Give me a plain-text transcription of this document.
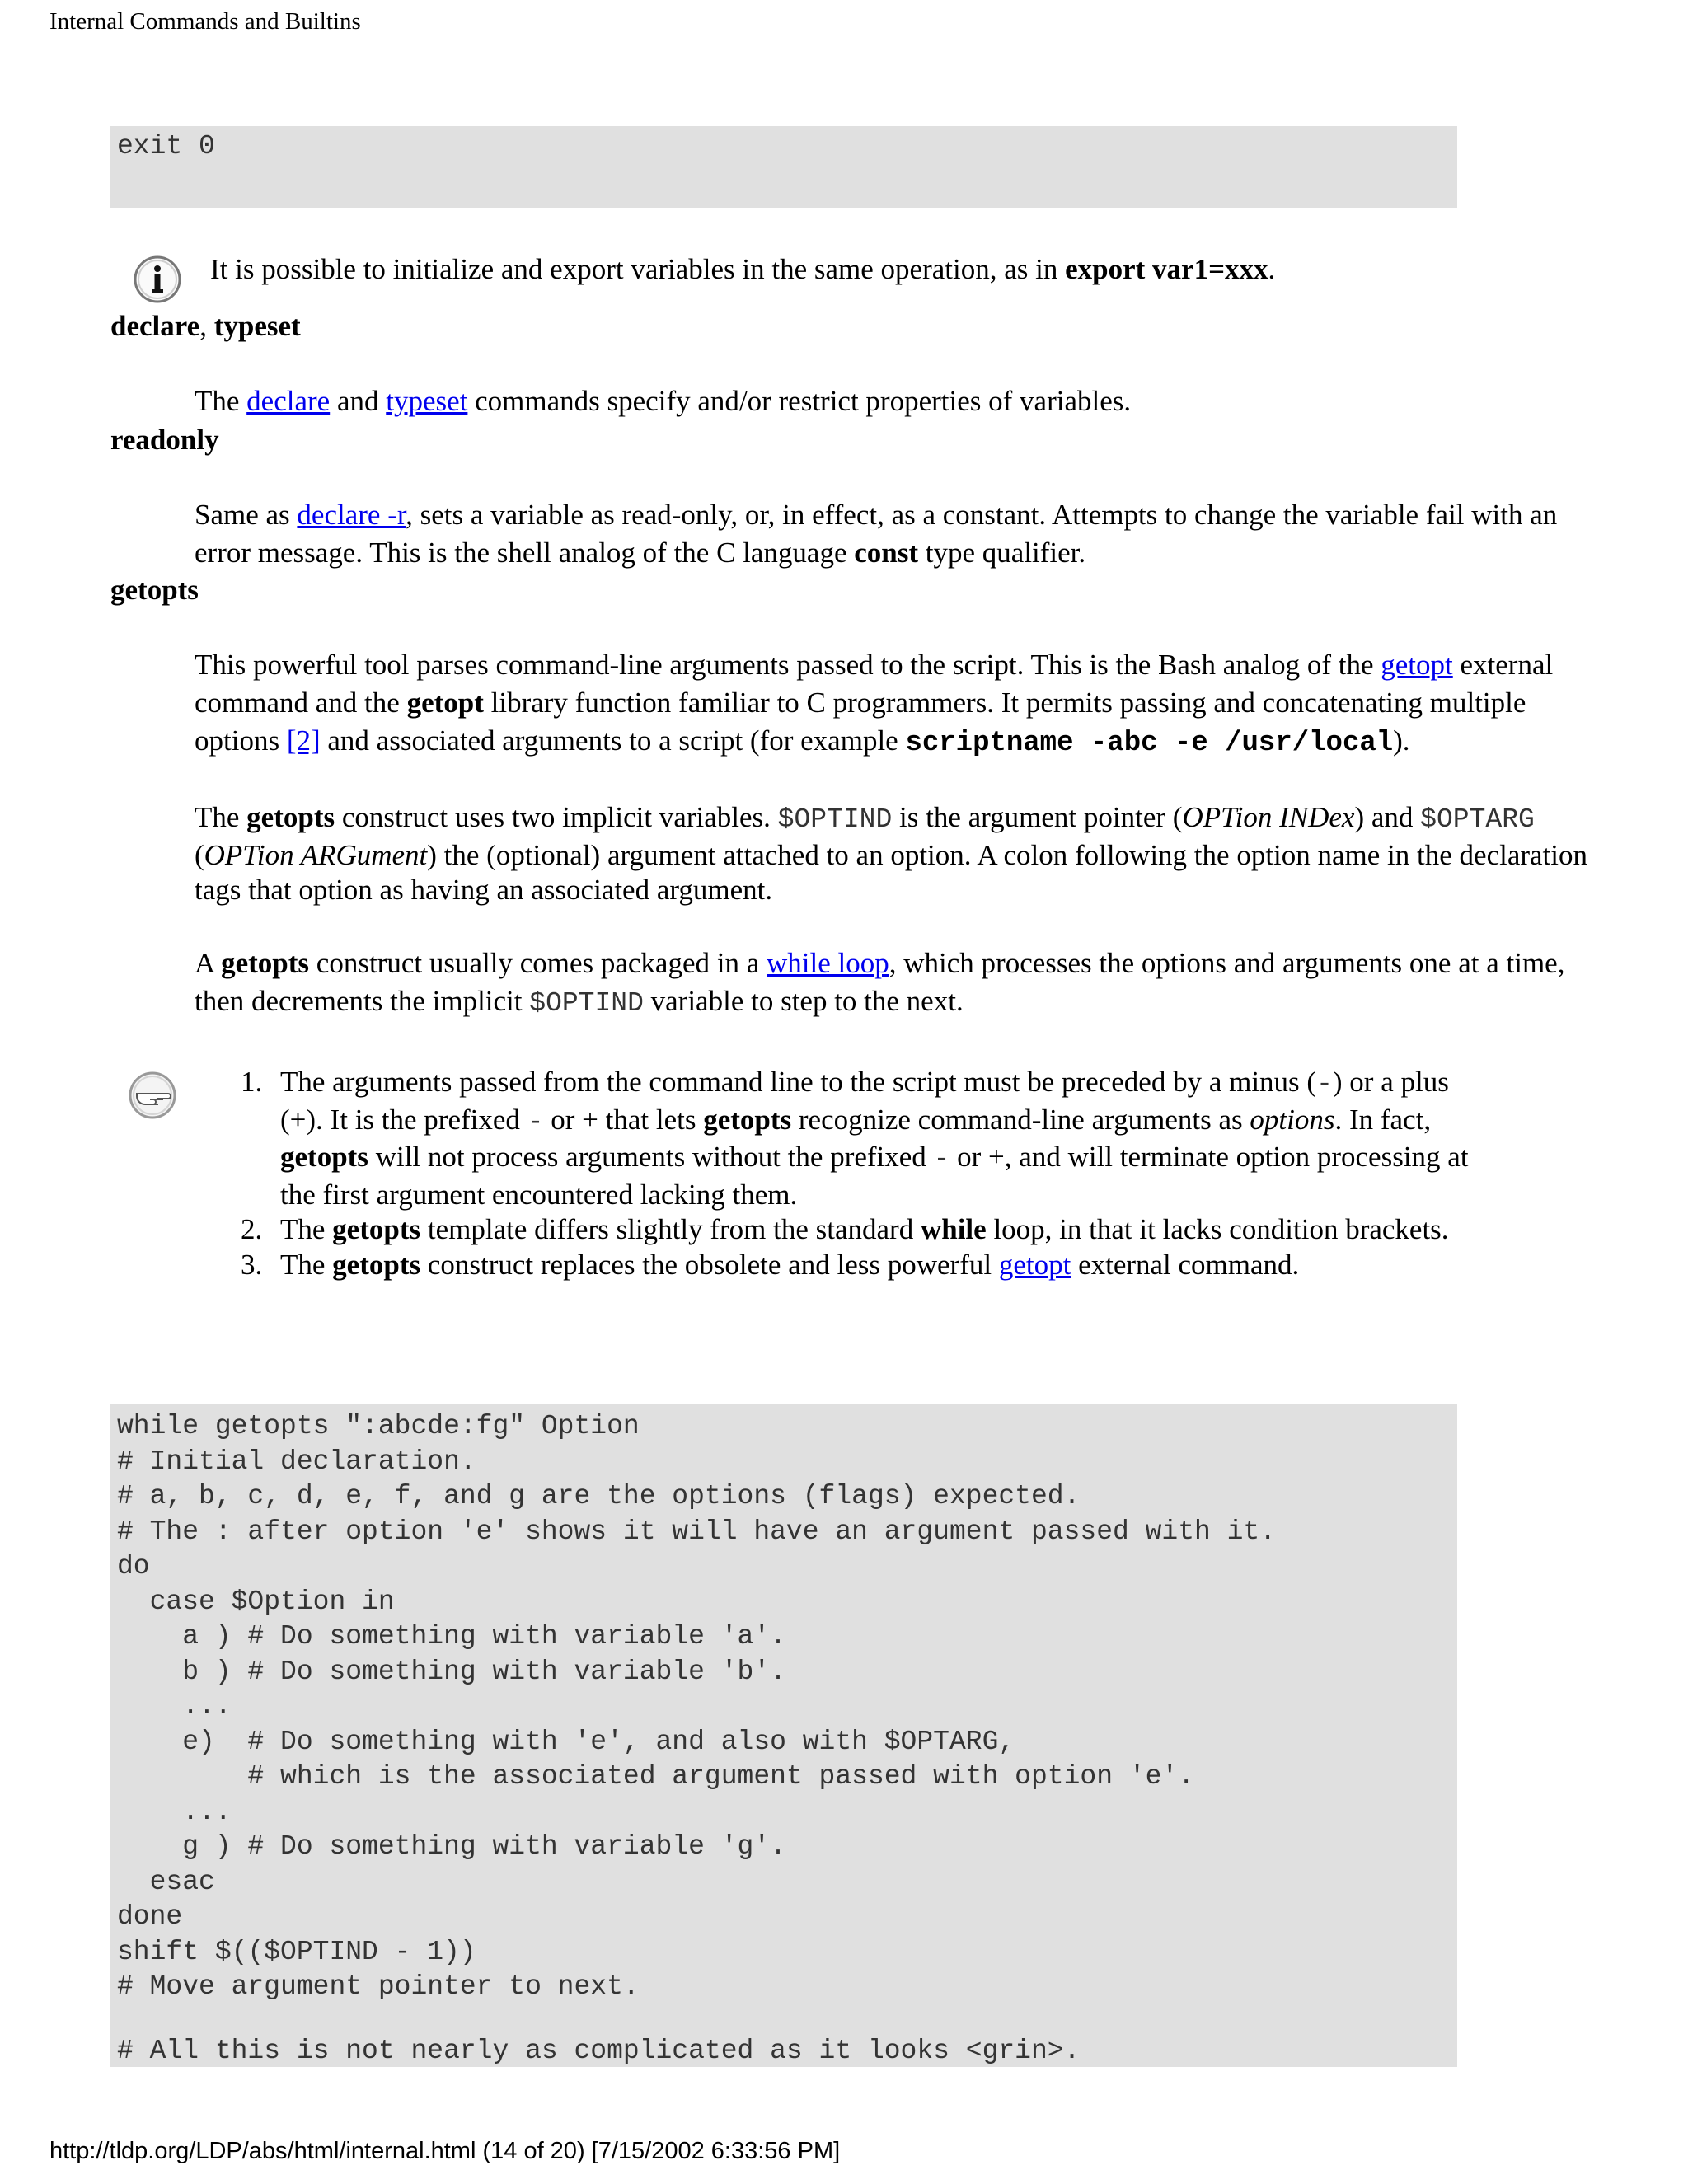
Internal Commands and Builtins
exit 0
It is possible to initialize and export variables in the same operation, as in export var1=xxx.
declare, typeset
The declare and typeset commands specify and/or restrict properties of variables.
readonly
Same as declare -r, sets a variable as read-only, or, in effect, as a constant. Attempts to change the variable fail with an error message. This is the shell analog of the C language const type qualifier.
getopts
This powerful tool parses command-line arguments passed to the script. This is the Bash analog of the getopt external command and the getopt library function familiar to C programmers. It permits passing and concatenating multiple options [2] and associated arguments to a script (for example scriptname -abc -e /usr/local).
The getopts construct uses two implicit variables. $OPTIND is the argument pointer (OPTion INDex) and $OPTARG (OPTion ARGument) the (optional) argument attached to an option. A colon following the option name in the declaration tags that option as having an associated argument.
A getopts construct usually comes packaged in a while loop, which processes the options and arguments one at a time, then decrements the implicit $OPTIND variable to step to the next.
1. The arguments passed from the command line to the script must be preceded by a minus (-) or a plus (+). It is the prefixed - or + that lets getopts recognize command-line arguments as options. In fact, getopts will not process arguments without the prefixed - or +, and will terminate option processing at the first argument encountered lacking them.
2. The getopts template differs slightly from the standard while loop, in that it lacks condition brackets.
3. The getopts construct replaces the obsolete and less powerful getopt external command.
while getopts ":abcde:fg" Option
# Initial declaration.
# a, b, c, d, e, f, and g are the options (flags) expected.
# The : after option 'e' shows it will have an argument passed with it.
do
case $Option in
a ) # Do something with variable 'a'.
b ) # Do something with variable 'b'.
...
e)  # Do something with 'e', and also with $OPTARG,
# which is the associated argument passed with option 'e'.
...
g ) # Do something with variable 'g'.
esac
done
shift $(($OPTIND - 1))
# Move argument pointer to next.
# All this is not nearly as complicated as it looks <grin>.
http://tldp.org/LDP/abs/html/internal.html (14 of 20) [7/15/2002 6:33:56 PM]
